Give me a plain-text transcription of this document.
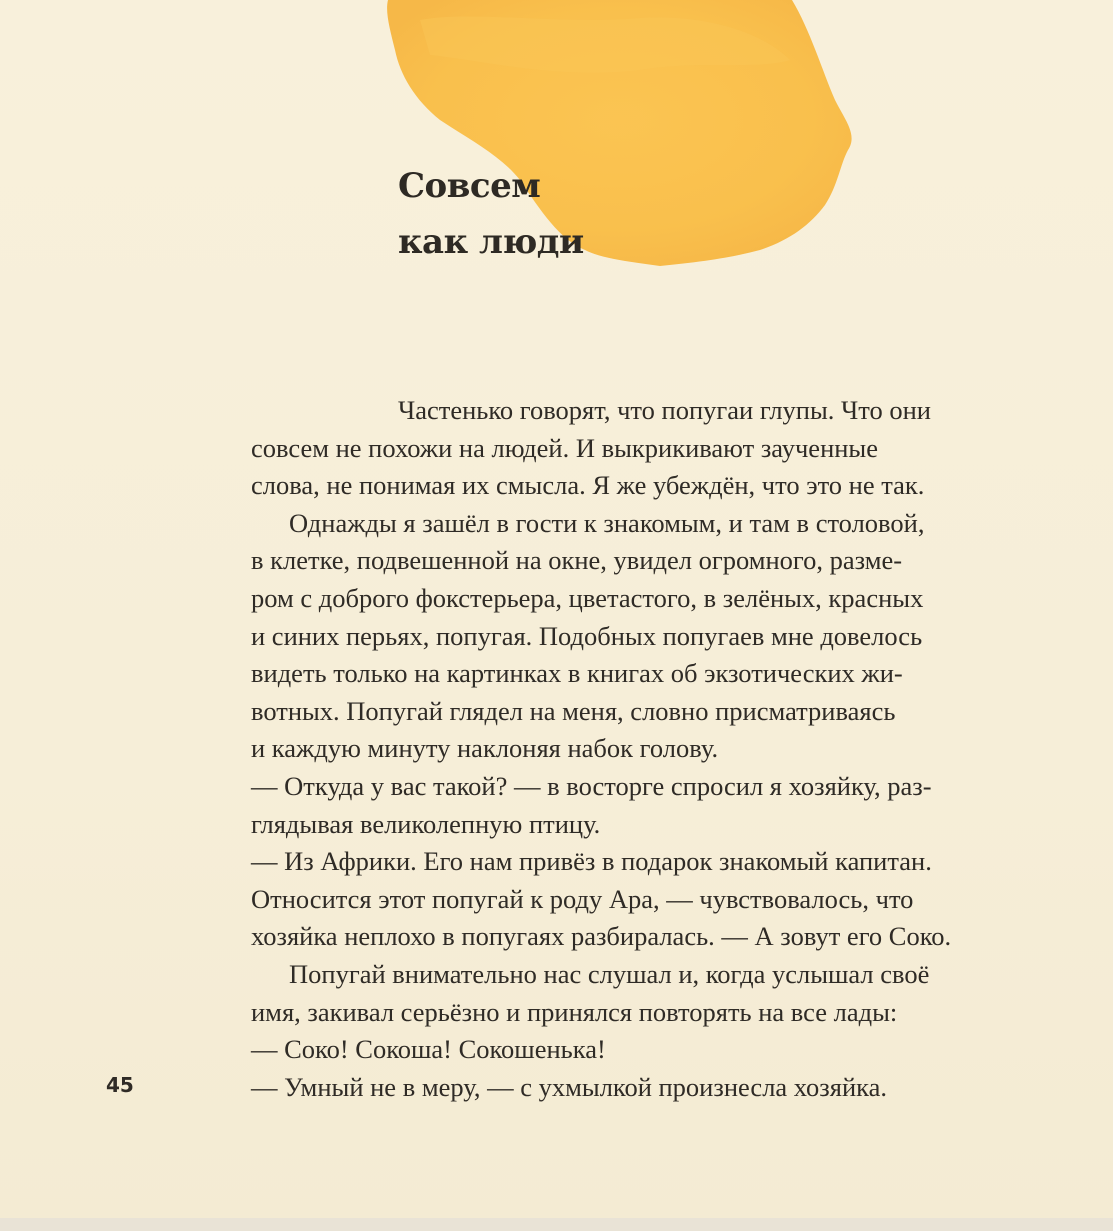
Совсем
как люди
Частенько говорят, что попугаи глупы. Что они
совсем не похожи на людей. И выкрикивают заученные
слова, не понимая их смысла. Я же убеждён, что это не так.
Однажды я зашёл в гости к знакомым, и там в столовой,
в клетке, подвешенной на окне, увидел огромного, разме-
ром с доброго фокстерьера, цветастого, в зелёных, красных
и синих перьях, попугая. Подобных попугаев мне довелось
видеть только на картинках в книгах об экзотических жи-
вотных. Попугай глядел на меня, словно присматриваясь
и каждую минуту наклоняя набок голову.
— Откуда у вас такой? — в восторге спросил я хозяйку, раз-
глядывая великолепную птицу.
— Из Африки. Его нам привёз в подарок знакомый капитан.
Относится этот попугай к роду Ара, — чувствовалось, что
хозяйка неплохо в попугаях разбиралась. — А зовут его Соко.
Попугай внимательно нас слушал и, когда услышал своё
имя, закивал серьёзно и принялся повторять на все лады:
— Соко! Сокоша! Сокошенька!
— Умный не в меру, — с ухмылкой произнесла хозяйка.
45
